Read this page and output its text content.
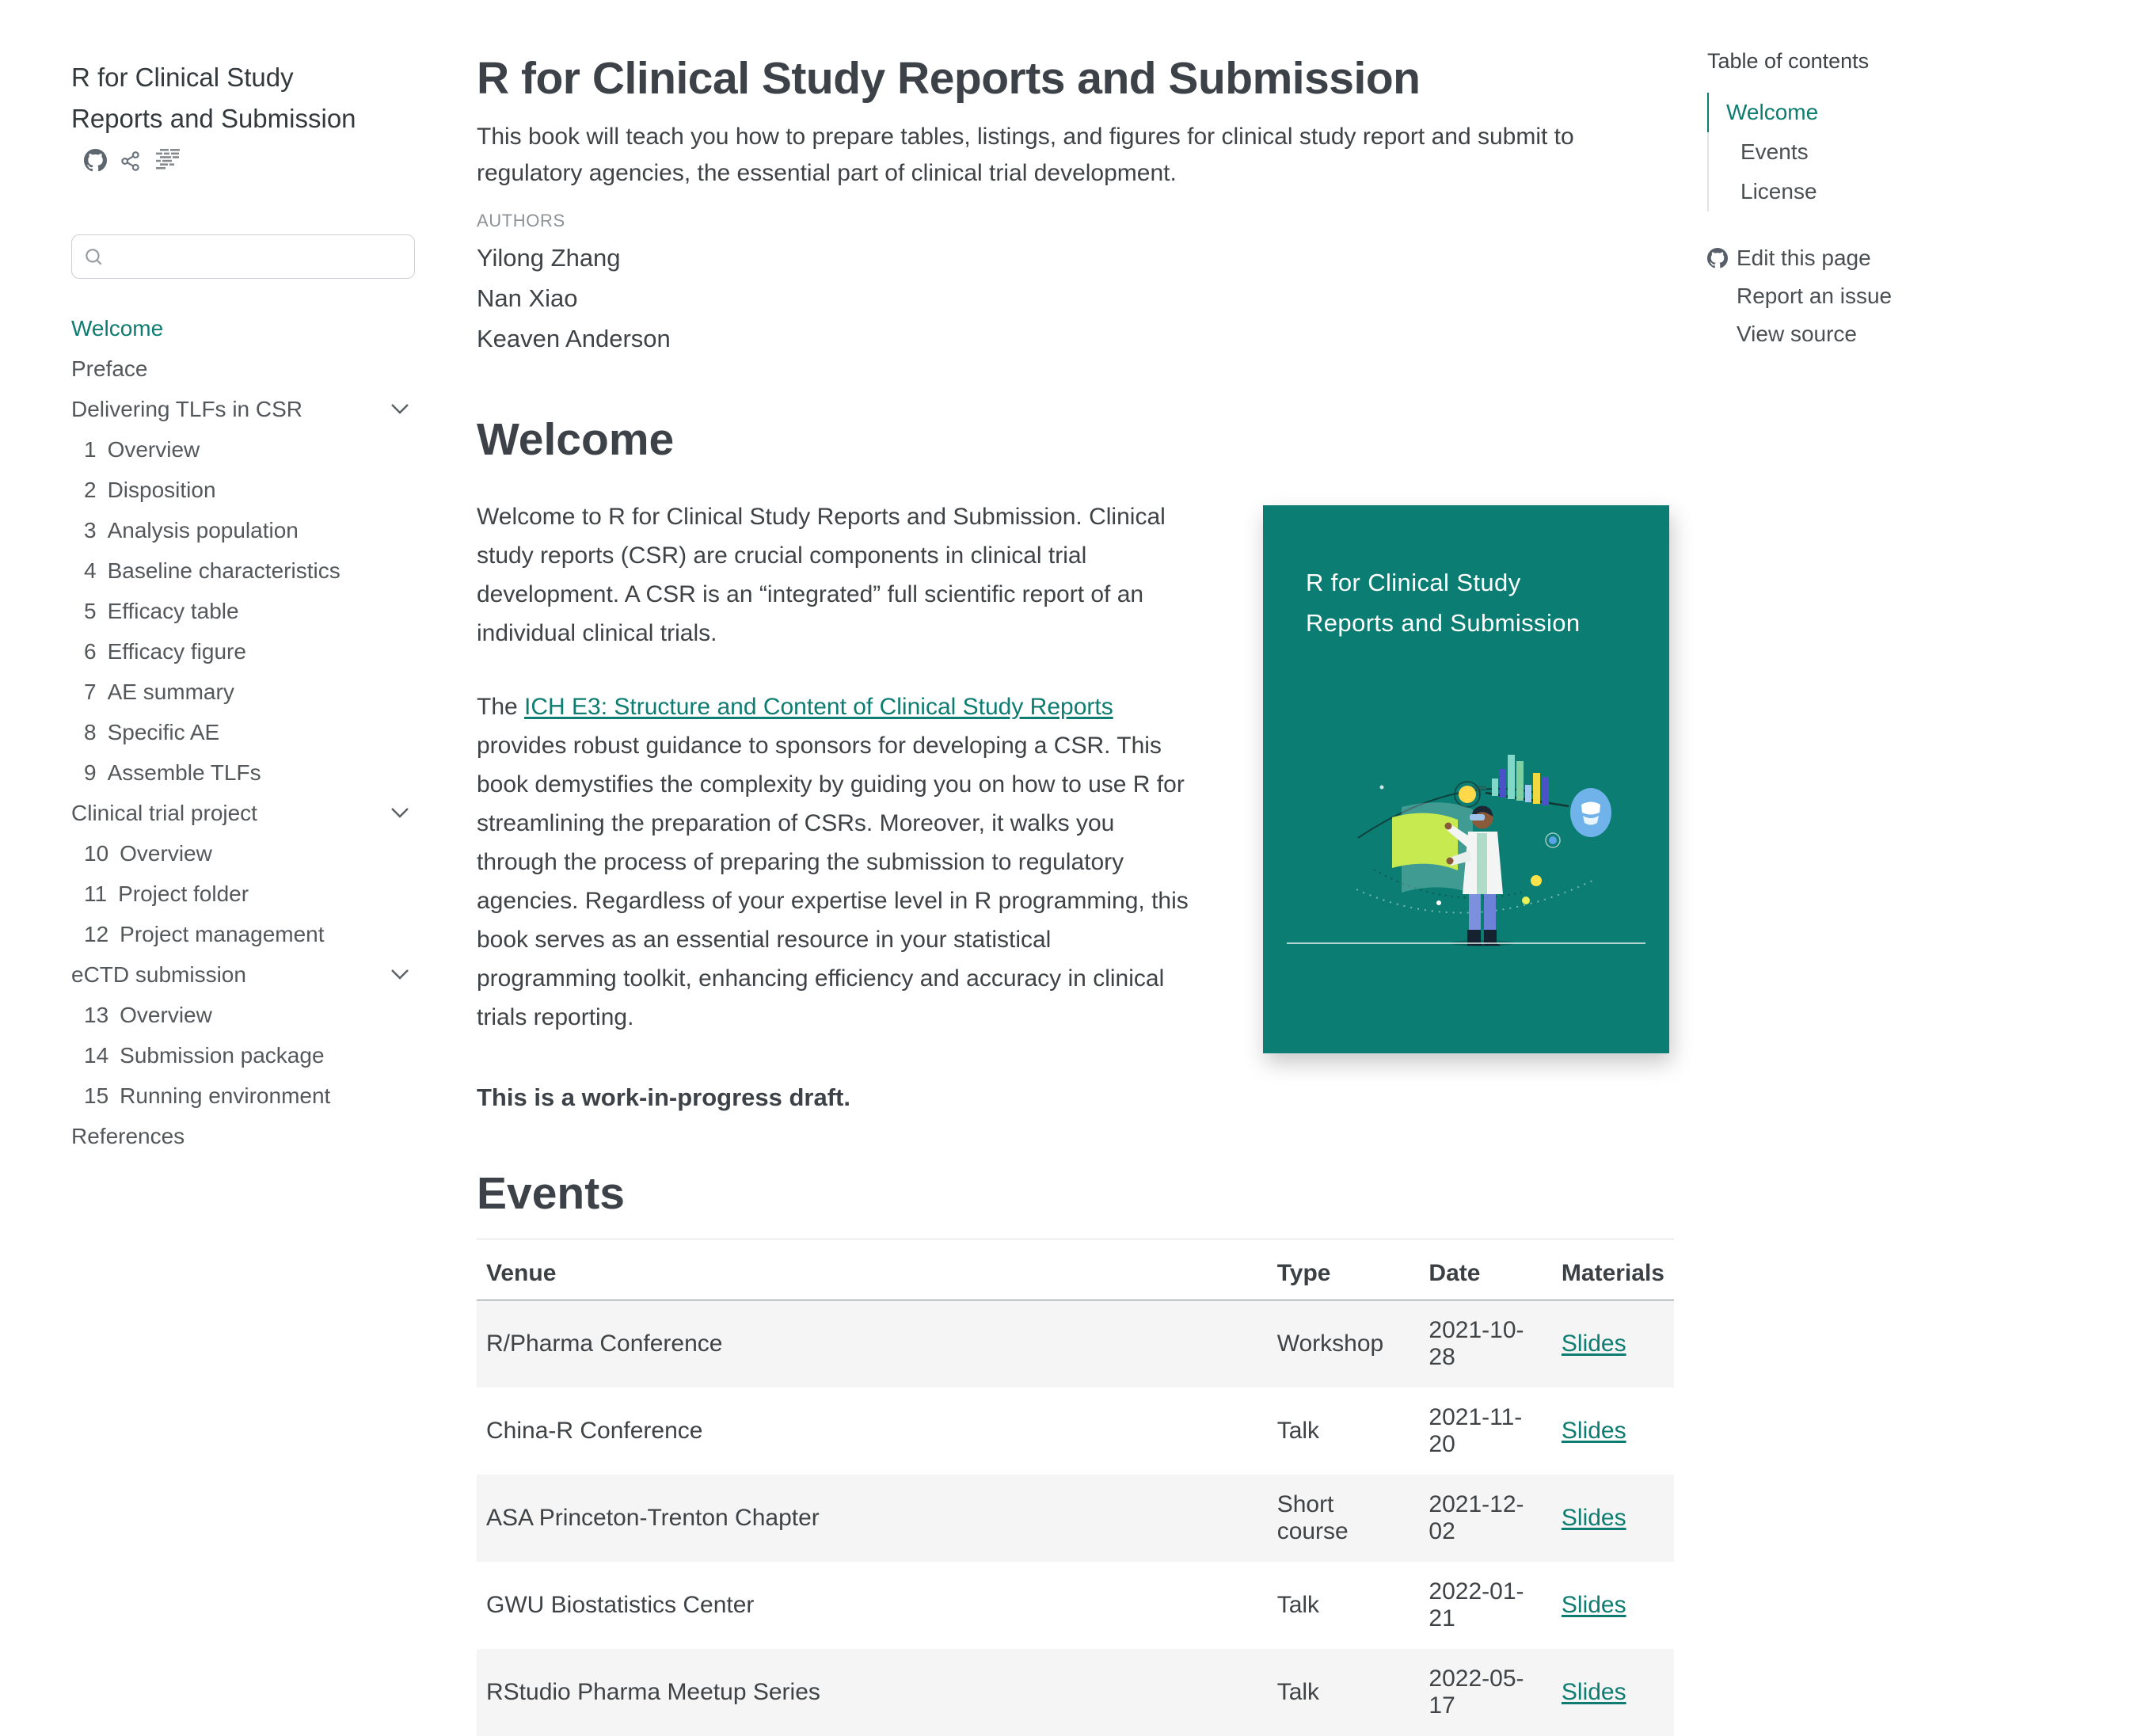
R for Clinical Study Reports and Submission
Welcome
Preface
Delivering TLFs in CSR
1 Overview
2 Disposition
3 Analysis population
4 Baseline characteristics
5 Efficacy table
6 Efficacy figure
7 AE summary
8 Specific AE
9 Assemble TLFs
Clinical trial project
10 Overview
11 Project folder
12 Project management
eCTD submission
13 Overview
14 Submission package
15 Running environment
References
R for Clinical Study Reports and Submission
This book will teach you how to prepare tables, listings, and figures for clinical study report and submit to regulatory agencies, the essential part of clinical trial development.
AUTHORS
Yilong Zhang
Nan Xiao
Keaven Anderson
Welcome

Welcome to R for Clinical Study Reports and Submission. Clinical study reports (CSR) are crucial components in clinical trial development. A CSR is an “integrated” full scientific report of an individual clinical trials.

The ICH E3: Structure and Content of Clinical Study Reports provides robust guidance to sponsors for developing a CSR. This book demystifies the complexity by guiding you on how to use R for streamlining the preparation of CSRs. Moreover, it walks you through the process of preparing the submission to regulatory agencies. Regardless of your expertise level in R programming, this book serves as an essential resource in your statistical programming toolkit, enhancing efficiency and accuracy in clinical trials reporting.

R for Clinical Study
Reports and Submission
This is a work-in-progress draft.
Events
Venue	Type	Date	Materials
R/Pharma Conference	Workshop	2021-10-28	Slides
China-R Conference	Talk	2021-11-20	Slides
ASA Princeton-Trenton Chapter	Short course	2021-12-02	Slides
GWU Biostatistics Center	Talk	2022-01-21	Slides
RStudio Pharma Meetup Series	Talk	2022-05-17	Slides
Table of contents
Welcome
Events
License
Edit this page
Report an issue
View source
